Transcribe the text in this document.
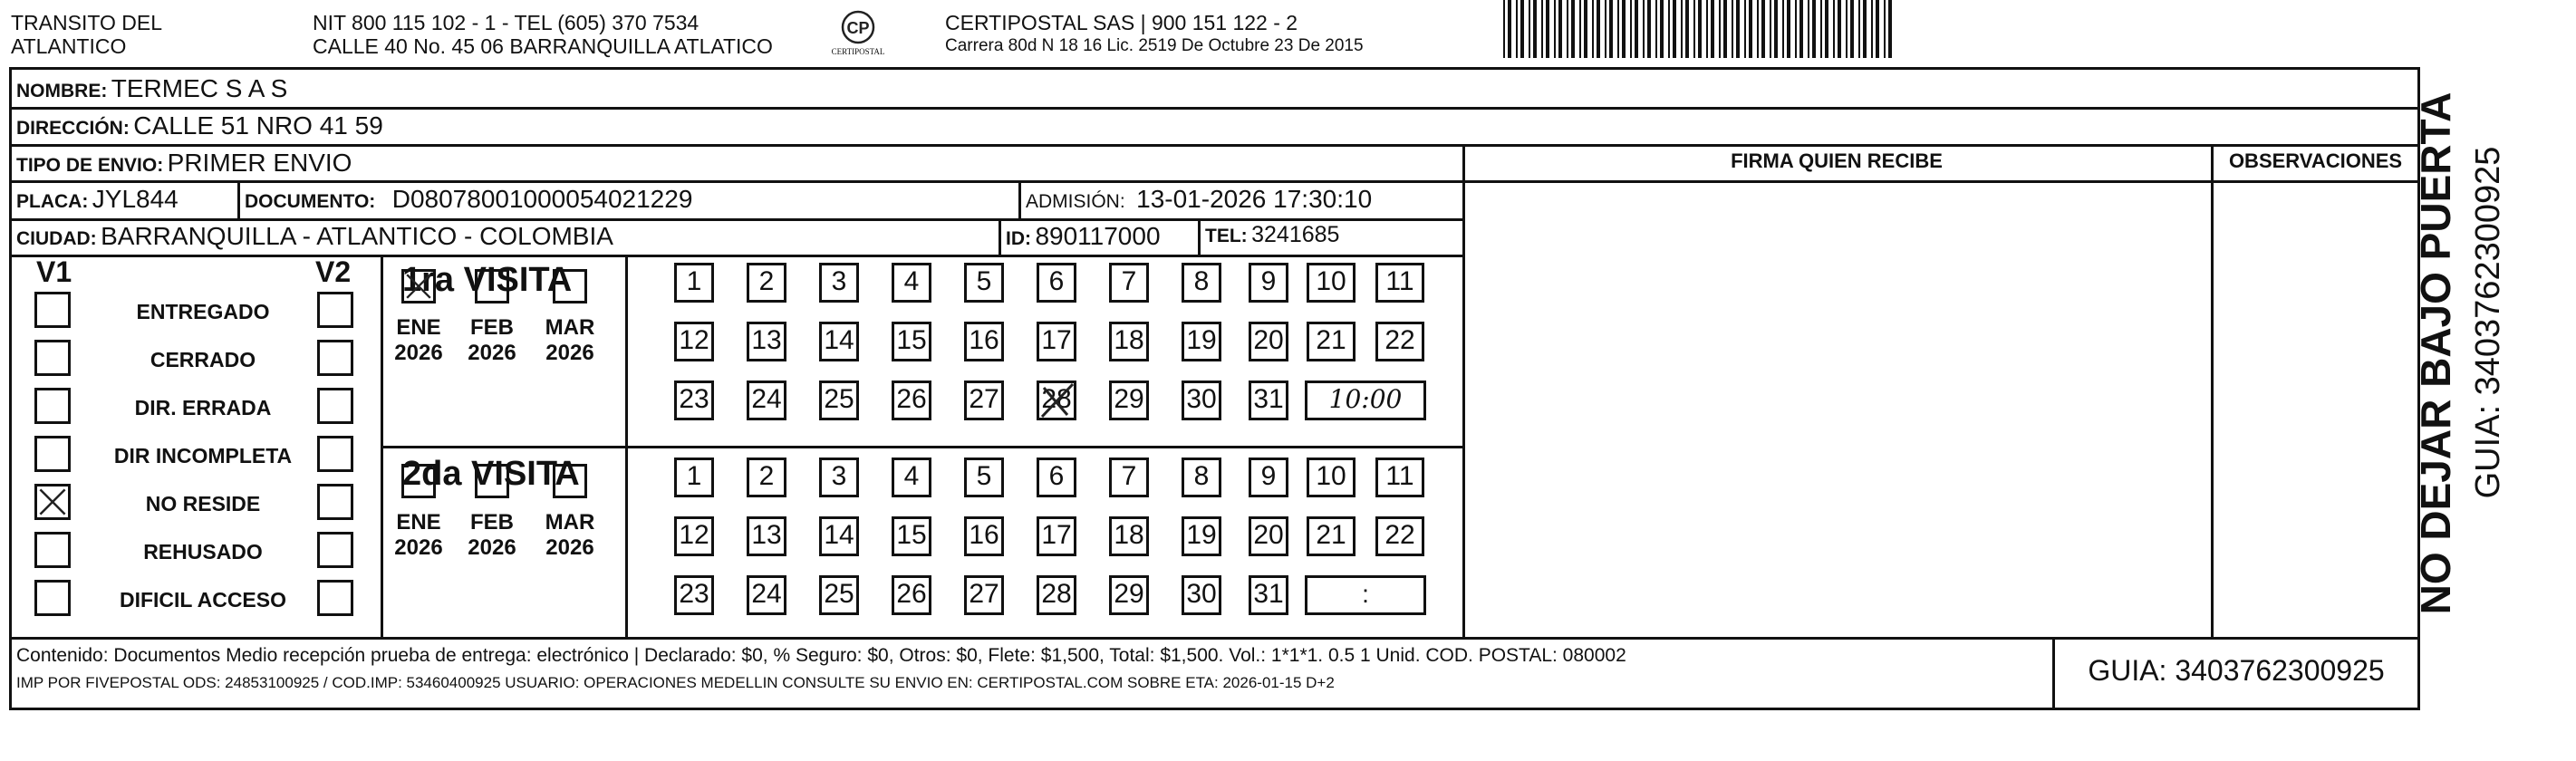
TRANSITO DEL
ATLANTICO
NIT 800 115 102 - 1 - TEL (605) 370 7534
CALLE 40 No. 45 06 BARRANQUILLA ATLATICO
CP
CERTIPOSTAL
CERTIPOSTAL SAS | 900 151 122 - 2
Carrera 80d N 18 16 Lic. 2519 De Octubre 23 De 2015
NOMBRE: TERMEC S A S
DIRECCIÓN: CALLE 51 NRO 41 59
TIPO DE ENVIO: PRIMER ENVIO	FIRMA QUIEN RECIBE	OBSERVACIONES
PLACA: JYL844	DOCUMENTO: D08078001000054021229	ADMISIÓN: 13-01-2026 17:30:10
CIUDAD: BARRANQUILLA - ATLANTICO - COLOMBIA	ID: 890117000 TEL: 3241685
V1	V2
ENTREGADO
CERRADO
DIR. ERRADA
DIR INCOMPLETA
NO RESIDE
REHUSADO
DIFICIL ACCESO
1ra VISITA
2da VISITA
1	2	3	4	5	6	7	8	9	10	11
12 13 14 15 16 17 18 19 20	21	22
23 24 25 26 27 28 29 30 31	10:00
ENE
2026
FEB
2026
MAR
2026
1	2	3	4	5	6	7	8	9	10	11
12 13 14 15 16 17 18 19 20	21	22
23 24 25 26 27 28 29 30 31	:
ENE
2026
FEB
2026
MAR
2026	NO DEJAR BAJO PUERTA GUIA: 3403762300925
Contenido: Documentos Medio recepción prueba de entrega: electrónico | Declarado: $0, % Seguro: $0, Otros: $0, Flete: $1,500, Total: $1,500. Vol.: 1*1*1. 0.5 1 Unid. COD. POSTAL: 080002
IMP POR FIVEPOSTAL ODS: 24853100925 / COD.IMP: 53460400925 USUARIO: OPERACIONES MEDELLIN CONSULTE SU ENVIO EN: CERTIPOSTAL.COM SOBRE ETA: 2026-01-15 D+2	GUIA: 3403762300925
